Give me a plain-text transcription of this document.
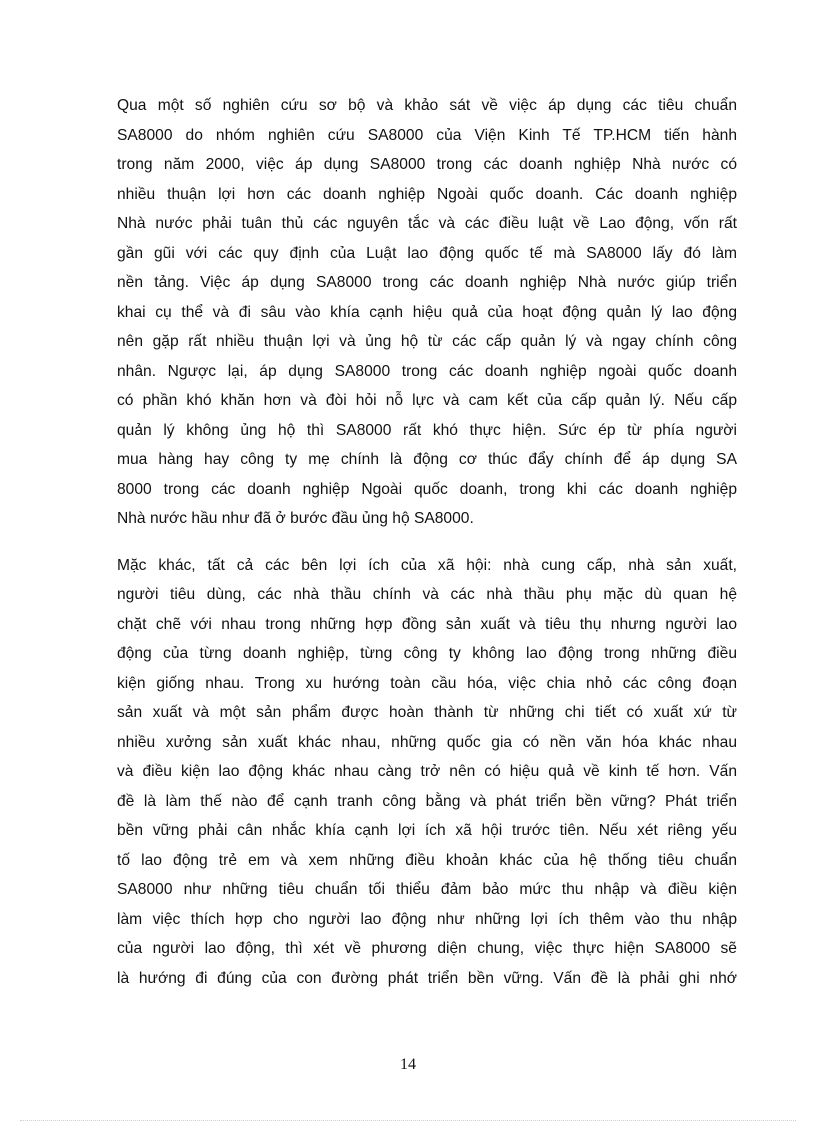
Qua một số nghiên cứu sơ bộ và khảo sát về việc áp dụng các tiêu chuẩn
SA8000 do nhóm nghiên cứu SA8000 của Viện Kinh Tế TP.HCM tiến hành
trong năm 2000, việc áp dụng SA8000 trong các doanh nghiệp Nhà nước có
nhiều thuận lợi hơn các doanh nghiệp Ngoài quốc doanh. Các doanh nghiệp
Nhà nước phải tuân thủ các nguyên tắc và các điều luật về Lao động, vốn rất
gần gũi với các quy định của Luật lao động quốc tế mà SA8000 lấy đó làm
nền tảng. Việc áp dụng SA8000 trong các doanh nghiệp Nhà nước giúp triển
khai cụ thể và đi sâu vào khía cạnh hiệu quả của hoạt động quản lý lao động
nên gặp rất nhiều thuận lợi và ủng hộ từ các cấp quản lý và ngay chính công
nhân. Ngược lại, áp dụng SA8000 trong các doanh nghiệp ngoài quốc doanh
có phần khó khăn hơn và đòi hỏi nỗ lực và cam kết của cấp quản lý. Nếu cấp
quản lý không ủng hộ thì SA8000 rất khó thực hiện. Sức ép từ phía người
mua hàng hay công ty mẹ chính là động cơ thúc đẩy chính để áp dụng SA
8000 trong các doanh nghiệp Ngoài quốc doanh, trong khi các doanh nghiệp
Nhà nước hầu như đã ở bước đầu ủng hộ SA8000.
Mặc khác, tất cả các bên lợi ích của xã hội: nhà cung cấp, nhà sản xuất,
người tiêu dùng, các nhà thầu chính và các nhà thầu phụ mặc dù quan hệ
chặt chẽ với nhau trong những hợp đồng sản xuất và tiêu thụ nhưng người lao
động của từng doanh nghiệp, từng công ty không lao động trong những điều
kiện giống nhau. Trong xu hướng toàn cầu hóa, việc chia nhỏ các công đoạn
sản xuất và một sản phẩm được hoàn thành từ những chi tiết có xuất xứ từ
nhiều xưởng sản xuất khác nhau, những quốc gia có nền văn hóa khác nhau
và điều kiện lao động khác nhau càng trở nên có hiệu quả về kinh tế hơn. Vấn
đề là làm thế nào để cạnh tranh công bằng và phát triển bền vững? Phát triển
bền vững phải cân nhắc khía cạnh lợi ích xã hội trước tiên. Nếu xét riêng yếu
tố lao động trẻ em và xem những điều khoản khác của hệ thống tiêu chuẩn
SA8000 như những tiêu chuẩn tối thiểu đảm bảo mức thu nhập và điều kiện
làm việc thích hợp cho người lao động như những lợi ích thêm vào thu nhập
của người lao động, thì xét về phương diện chung, việc thực hiện SA8000 sẽ
là hướng đi đúng của con đường phát triển bền vững. Vấn đề là phải ghi nhớ
14
